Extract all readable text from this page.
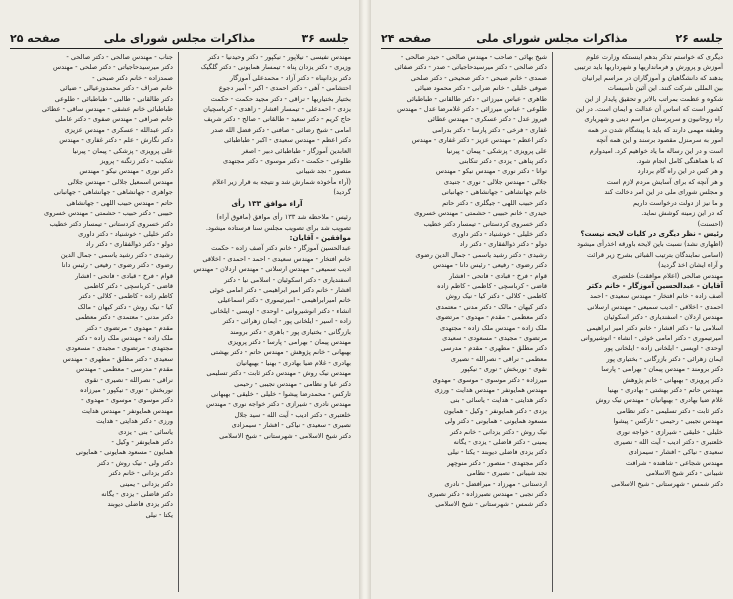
صفحه ۲۵	مذاکرات مجلس شورای ملی	جلسه ۳۶

مهندس نفیسی - نیلاپور - نیکپور - دکتر وحیدنیا - دکتر

وزیری - دکتر یزدان پناه - تیمسار همایونی - دکتر گلگیک

دکتر یزدانپناه - دکتر آزاد - محمدعلی آموزگار

احتشامی - آهی - دکتر احمدی - اکبر - آمیر دجوع

بختیار بختیاریها - نراقی - دکتر مجید حکمت - حکمت

یزدی - احمدعلی - تیمسار افشار - زاهدی - کرباسچیان

حاج کریم - دکتر سعید - طالقانی - صالح - دکتر شریف

امامی - شیخ رضائی - صافنی - دکتر فضل الله صدر

دکتر اعظم - مهندس سعیدی - اکبر - طباطبائی

العابدین آموزگار - طباطبائی دبیر - اصغر

طلوعی - حکمت - دکتر موسوی - دکتر مجتهدی

منصور - نجد شیبانی

(آراء مأخوذه شمارش شد و نتیجه به قرار زیر اعلام

گردید)

آراء موافق ۱۳۳ رأی

رئیس - ملاحظه شد ۱۳۳ رأی موافق (مافوق آراء)

تصویب شد برای تصویب مجلس سنا فرستاده میشود.

موافقین - آقایان:

عبدالحسین آموزگار - خانم دکتر آصف زاده - حکمت

خانم افتخار - مهندس سعیدی - احمد - احمدی - اخلاقی

ادیب سمیعی - مهندس ارسلانی - مهندس اردلان - مهندس

اسفندیاری - دکتر اسکوئیان - اسلامی نیا - دکتر

افشار - خانم دکتر امیر ابراهیمی - دکتر امامی خوئی

خانم امیرابراهیمی - امیرتیموری - دکتر اسماعیلی

انشاء - دکتر انوشیروانی - اوحدی - اویسی - ایلخانی

زاده - اسیر - ایلخانی پور - ایمان زهرائی - دکتر

بازرگانی - بختیاری پور - باهری - دکتر برومند

مهندس پیمان - بهرامی - پارسا - دکتر پرویزی

بهبهانی - خانم پژوهش - مهندس حاتم - دکتر بهشتی

بهادری - غلام ضیا بهادری - بهنیا - بهبهانیان

مهندس نیک روش - مهندس دکتر ثابت - دکتر تسلیمی

دکتر عیا و نظامی - مهندس نجیبی - رحیمی

تارکس - محمدرضا پیشوا - خلیلی - خلیقی - بهبهانی

مهندس نادری - شیرازی - دکتر خواجه نوری - مهندس

خلعتبری - دکتر ادیب - آیت الله - سید جلال

نصیری - سعیدی - نیاکی - افشار - سیمزادی

دکتر شیخ الاسلامی - شهرستانی - شیخ الاسلامی

جناب - مهندس صالحی - دکتر صالحی -

دکتر میرسیدحاجیاتی - دکتر صلحی - مهندس

صمدزاده - خانم دکتر صبحی -

خانم صراف - دکتر محمدوزعیالی - ضیائی

دکتر طالقانی - طالبی - طباطبائی - طلوعی

طباطبائی خانم عشقی - مهندس ساقی - عطائی

خانم صرافی - مهندس صفوی - دکتر عاملی

دکتر عبدالله - عسکری - مهندس عزیزی

دکتر نگارش - علم - دکتر غفاری - مهندس

علی پرویزی - پزشکی - پیمان - پیرنیا

شکیب - دکتر زنگنه - پرویز

دکتر نوری - مهندس نیکو - مهندس

مهندس اسمعیل جلالی - مهندس جلالی

جواهری - جهانشاهی - جهانشاهی - جهانبانی

حاتم - مهندس حبیب اللهی - جهانشاهی

حبیبی - دکتر حبیب - حشمتی - مهندس خسروی

دکتر خسروی کردستانی - تیمسار دکتر خطیب

دکتر خلیلی - خوشنیاد - دکتر داوری

دولو - دکتر ذوالفقاری - دکتر راد

رشیدی - دکتر رشید یاسمی - جمال الدین

رضوی - دکتر رضوی - رفیعی - رئیس دانا

قوام - فرخ - قبادی - فاتحی - افشار

قاضی - کرباسچی - دکتر کاظمی

کاظم زاده - کاظمی - کلالی - دکتر

کیا - نیک روش - دکتر کیهان - مالک

دکتر مدنی - معتمدی - دکتر معظمی

مقدم - مهدوی - مرتضوی - دکتر

ملک زاده - مهندس ملک زاده - دکتر

مجتهدی - مرتضوی - مجیدی - مسعودی

سعیدی - دکتر مطلق - مطهری - مهندس

مقدم - مدرسی - معظمی - مهندس

نراقی - نصرالله - نصیری - نقوی

نوربخش - نوری - نیکپور - میرزاده

دکتر موسوی - موسوی - مهدوی -

مهندس همایونفر - مهندس هدایت

ورزی - دکتر هدایتی - هدایت

یاسائی - بنی - یزدی

دکتر همایونفر - وکیل -

همایون - مسعود همایونی - همایونی

دکتر ولی - نیک روش - دکتر

دکتر یزدانی - خانم دکتر

دکتر یزدانی - یمینی

دکتر فاضلی - یزدی - یگانه

دکتر یزدی فاضلی دیوبند

یکتا - نیلی

صفحه ۲۴	مذاکرات مجلس شورای ملی	جلسه ۲۶

دیگری که خواستم تذکر بدهم اینستکه وزارت علوم

آموزش و پرورش و فرمانداریها و شهرداریها باید ترتیبی

بدهند که دانشگاهیان و آموزگاران در مراسم ایرانیان

بین المللی شرکت کنند. این آئین تأسیسات

شکوه و عظمت بمراتب بالاتر و تحقیق پایدار از این

کشور است که اساس آن عدالت و ایمان است. در این

راه روحانیون و سرپرستان مراسم دینی و شهریاری

وظیفه مهمی دارند که باید با پیشگام شدن در همه

امور به سرمنزل مقصود برسند و این همه آنچه

است و در این رساله ما یاد خواهیم کرد. امیدوارم

که با هماهنگی کامل انجام شود.

و هر کس در این راه گام بردارد

و هر آنچه که برای آسایش مردم لازم است

و مجلس شورای ملی در این امر دخالت کند

و ما نیز از دولت درخواست داریم

که در این زمینه کوشش نماید.

(احسنت)

رئیس - نظر دیگری در کلیات لایحه نیست؟

(اظهاری نشد) نسبت باین لایحه باورقه اخذرأی میشود

(اسامی نمایندگان بترتیب الفبائی بشرح زیر قرائت

و آراء ایشان اخذ گردید)

مهندس صالحی (اعلام موافقت) خلعتبری

آقایان - عبدالحسین آموزگار - خانم دکتر

آصف زاده - خانم افتخار - مهندس سعیدی - احمد

احمدی - اخلاقی - ادیب سمیعی - مهندس ارسلانی

مهندس اردلان - اسفندیاری - دکتر اسکوئیان

اسلامی نیا - دکتر افشار - خانم دکتر امیر ابراهیمی

امیرتیموری - دکتر امامی خوئی - انشاء - انوشیروانی

اوحدی - اویسی - ایلخانی زاده - ایلخانی پور

ایمان زهرائی - دکتر بازرگانی - بختیاری پور

دکتر برومند - مهندس پیمان - بهرامی - پارسا

دکتر پرویزی - بهبهانی - خانم پژوهش

مهندس حاتم - دکتر بهشتی - بهادری - بهنیا

غلام ضیا بهادری - بهبهانیان - مهندس نیک روش

دکتر ثابت - دکتر تسلیمی - دکتر نظامی

مهندس نجیبی - رحیمی - تارکس - پیشوا

خلیلی - خلیقی - شیرازی - خواجه نوری

خلعتبری - دکتر ادیب - آیت الله - نصیری

سعیدی - نیاکی - افشار - سیمزادی

مهندس شجاعی - شاهنده - شرافت

شیبانی - دکتر شیخ الاسلامی

دکتر شمس - شهرستانی - شیخ الاسلامی

شیخ بهائی - صاحب - مهندس صالحی - حیدر صالحی -

دکتر صالحی - دکتر میرسیدحاجیاتی - صدر - دکتر صفائی

صمدی - خانم صبحی - دکتر صحیحی - دکتر صلحی

صوفی خلیلی - خانم ضرابی - دکتر محمود ضیائی

طاهری - عباس میرزائی - دکتر طالقانی - طباطبائی

طلوعی - عباس میرزائی - دکتر غلامرضا عدل - مهندس

فیروز عدل - دکتر عسکری - مهندس عطائی

غفاری - فرخی - دکتر پارسا - دکتر بدرامی

دکتر اعظم - مهندس عزیز - دکتر غفاری - مهندس

علی پرویزی - پزشکی - پیمان - پیرنیا

دکتر پناهی - یزدی - دکتر تنکابنی

توانا - دکتر نوری - مهندس نیکو - مهندس

جلالی - مهندس جلالی - نوری - جنیدی

خانم جهانشاهی - جهانشاهی - جهانبانی

دکتر حبیب اللهی - جیگلری - دکتر حاتم

حیدری - خانم حبیبی - حشمتی - مهندس خسروی

دکتر خسروی کردستانی - تیمسار دکتر خطیب

دکتر خلیلی - خوشنیاد - دکتر داوری

دولو - دکتر ذوالفقاری - دکتر راد

رشیدی - دکتر رشید یاسمی - جمال الدین رضوی

دکتر رضوی - رفیعی - رئیس دانا - مهندس

قوام - فرخ - قبادی - فاتحی - افشار

قاضی - کرباسچی - کاظمی - کاظم زاده

کاظمی - کلالی - دکتر کیا - نیک روش

دکتر کیهان - مالک - دکتر مدنی - معتمدی

دکتر معظمی - مقدم - مهدوی - مرتضوی

ملک زاده - مهندس ملک زاده - مجتهدی

مرتضوی - مجیدی - مسعودی - سعیدی

دکتر مطلق - مطهری - مقدم - مدرسی

معظمی - نراقی - نصرالله - نصیری

نقوی - نوربخش - نوری - نیکپور

میرزاده - دکتر موسوی - موسوی - مهدوی

مهندس همایونفر - مهندس هدایت - ورزی

دکتر هدایتی - هدایت - یاسائی - بنی

یزدی - دکتر همایونفر - وکیل - همایون

مسعود همایونی - همایونی - دکتر ولی

نیک روش - دکتر یزدانی - خانم دکتر

یمینی - دکتر فاضلی - یزدی - یگانه

دکتر یزدی فاضلی دیوبند - یکتا - نیلی

دکتر مجتهدی - منصور - دکتر منوچهر

نجد شیبانی - نصیری - نظامی

اردستانی - مهرزاد - میرافضل - نادری

دکتر نجبی - مهندس نصیرزاده - دکتر نصیری

دکتر شمس - شهرستانی - شیخ الاسلامی
